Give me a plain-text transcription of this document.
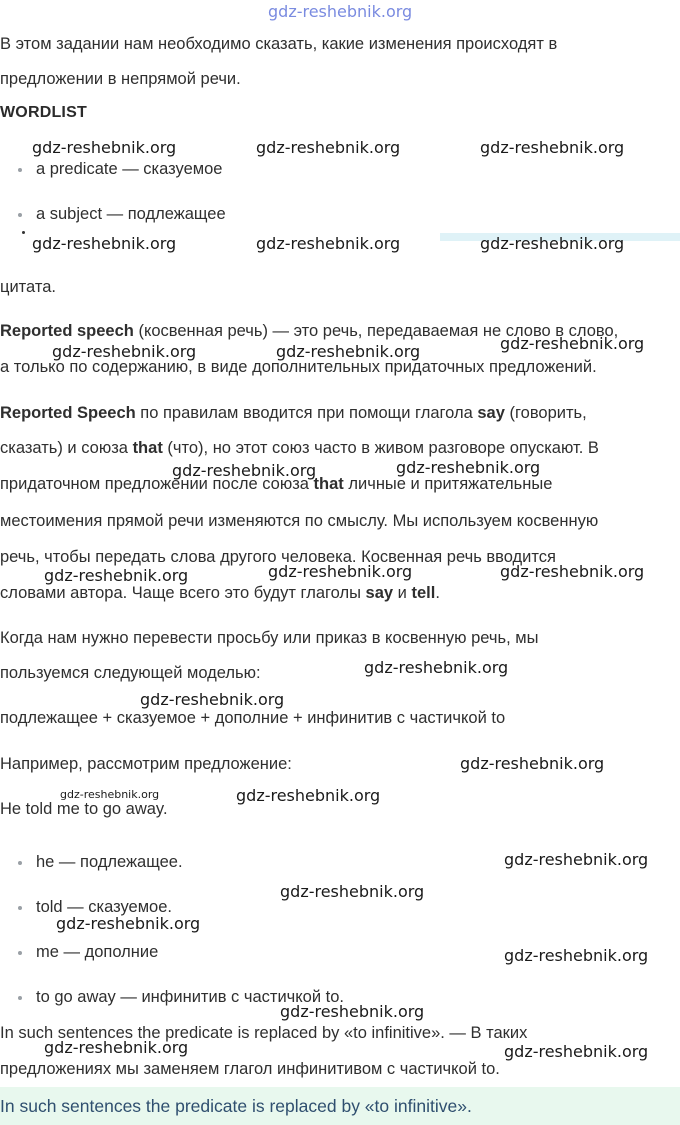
gdz-reshebnik.org
В этом задании нам необходимо сказать, какие изменения происходят в
предложении в непрямой речи.
WORDLIST
a predicate — сказуемое
a subject — подлежащее
цитата.
Reported speech (косвенная речь) — это речь, передаваемая не слово в слово,
а только по содержанию, в виде дополнительных придаточных предложений.
Reported Speech по правилам вводится при помощи глагола say (говорить,
сказать) и союза that (что), но этот союз часто в живом разговоре опускают. В
придаточном предложении после союза that личные и притяжательные
местоимения прямой речи изменяются по смыслу. Мы используем косвенную
речь, чтобы передать слова другого человека. Косвенная речь вводится
словами автора. Чаще всего это будут глаголы say и tell.
Когда нам нужно перевести просьбу или приказ в косвенную речь, мы
пользуемся следующей моделью:
подлежащее + сказуемое + дополние + инфинитив с частичкой to
Например, рассмотрим предложение:
He told me to go away.
he — подлежащее.
told — сказуемое.
me — дополние
to go away — инфинитив с частичкой to.
In such sentences the predicate is replaced by «to infinitive». — В таких
предложениях мы заменяем глагол инфинитивом с частичкой to.
In such sentences the predicate is replaced by «to infinitive».
gdz-reshebnik.org	gdz-reshebnik.org	gdz-reshebnik.org
gdz-reshebnik.org	gdz-reshebnik.org	gdz-reshebnik.org
gdz-reshebnik.org	gdz-reshebnik.org	gdz-reshebnik.org
gdz-reshebnik.org	gdz-reshebnik.org
gdz-reshebnik.org	gdz-reshebnik.org	gdz-reshebnik.org
gdz-reshebnik.org
gdz-reshebnik.org
gdz-reshebnik.org
gdz-reshebnik.org	gdz-reshebnik.org
gdz-reshebnik.org
gdz-reshebnik.org
gdz-reshebnik.org
gdz-reshebnik.org
gdz-reshebnik.org
gdz-reshebnik.org	gdz-reshebnik.org
